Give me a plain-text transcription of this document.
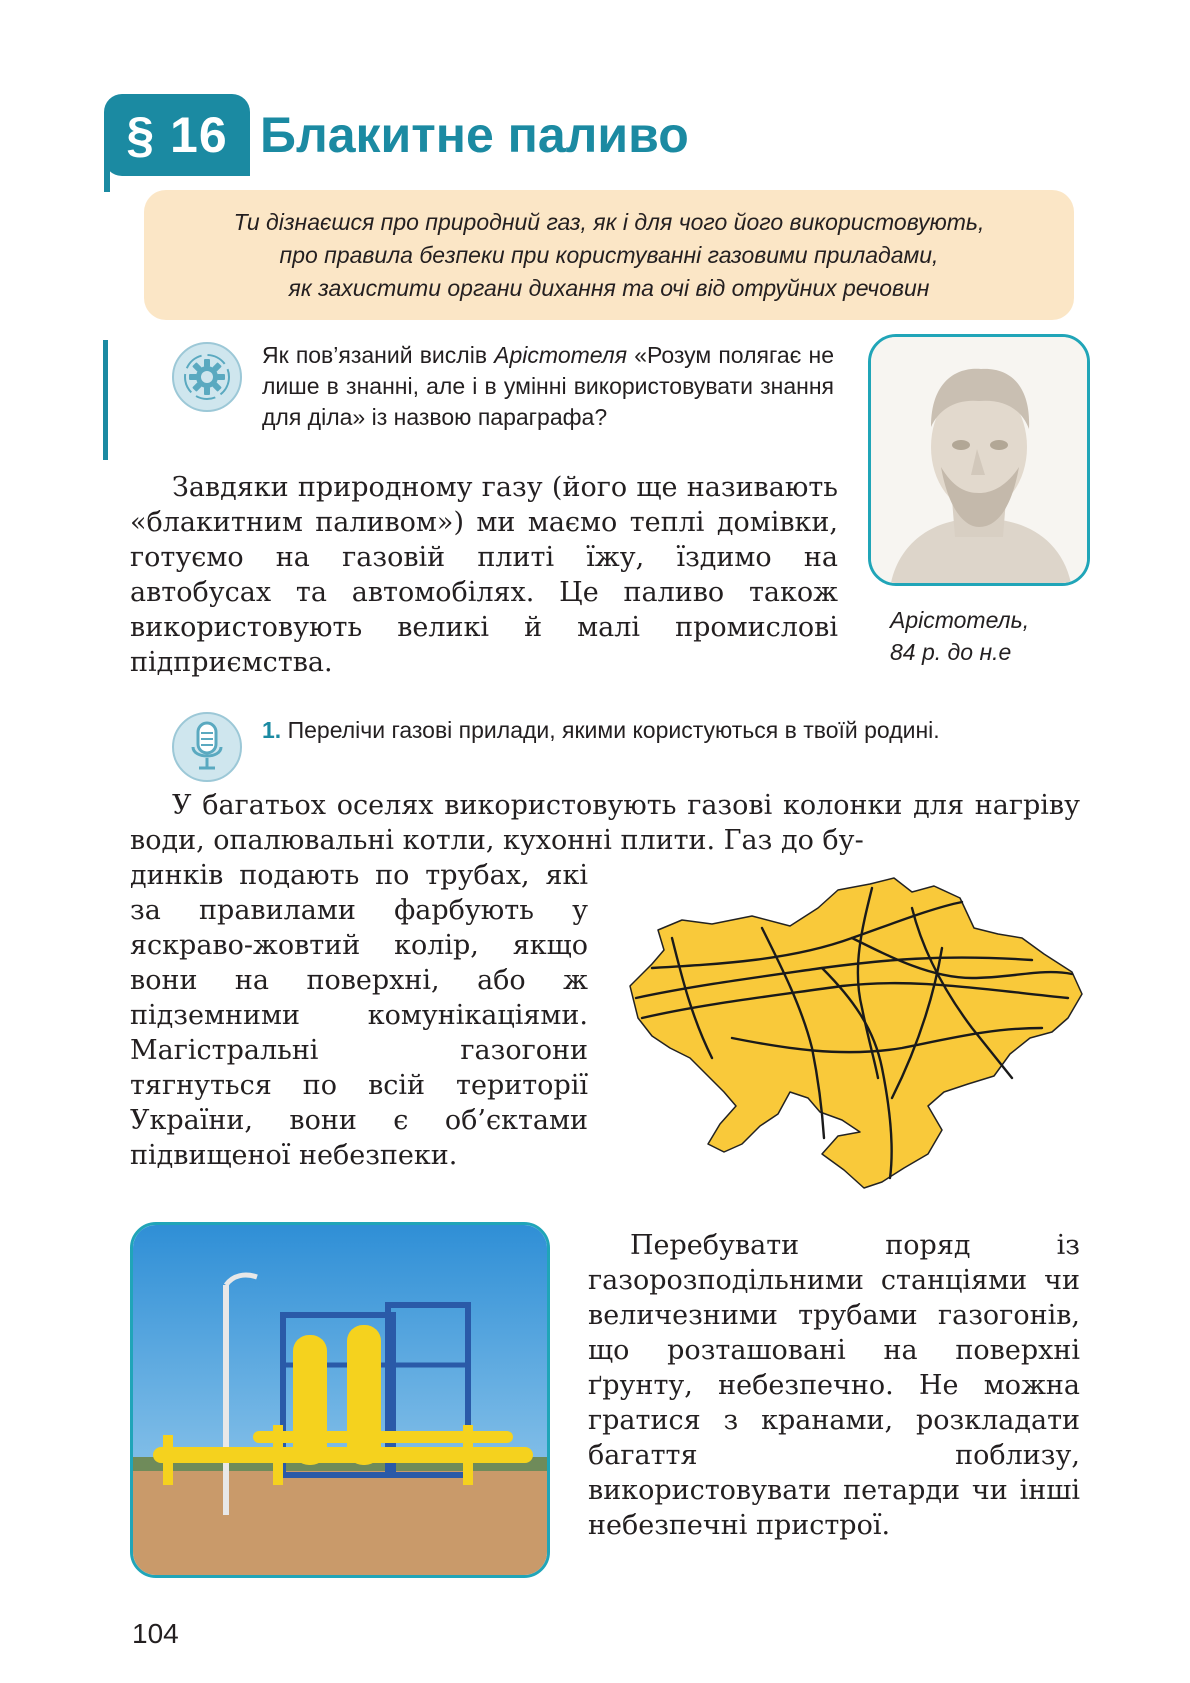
§ 16 Блакитне паливо
Ти дізнаєшся про природний газ, як і для чого його використовують,
про правила безпеки при користуванні газовими приладами,
як захистити органи дихання та очі від отруйних речовин
Як пов’язаний вислів Арістотеля «Розум полягає не лише в знанні, але і в умінні використовувати знання для діла» із назвою параграфа?
Арістотель,
84 р. до н.е
Завдяки природному газу (його ще називають «блакитним паливом») ми маємо теплі домівки, готуємо на газовій плиті їжу, їздимо на автобусах та автомобілях. Це паливо також використовують великі й малі промислові підприємства.
1. Перелічи газові прилади, якими користуються в твоїй родині.
У багатьох оселях використовують газові колонки для нагріву води, опалювальні котли, кухонні плити. Газ до бу-
динків подають по трубах, які за правилами фарбують у яскраво-жовтий колір, якщо вони на поверхні, або ж підземними комунікаціями. Магістральні газогони тягнуться по всій території України, вони є об’єктами підвищеної небезпеки.
Перебувати поряд із газорозподільними станціями чи величезними трубами газогонів, що розташовані на поверхні ґрунту, небезпечно. Не можна гратися з кранами, розкладати багаття поблизу, використовувати петарди чи інші небезпечні пристрої.
104
